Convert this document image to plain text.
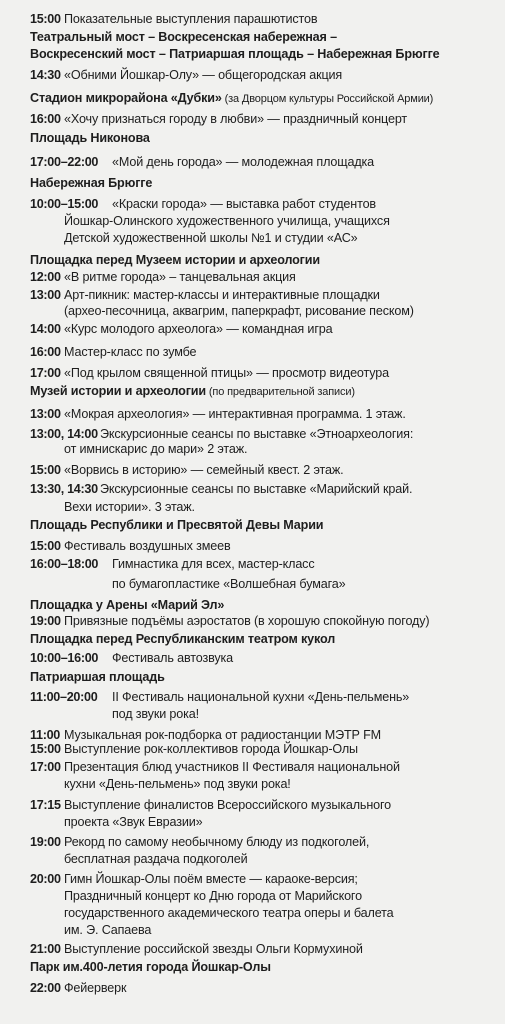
15:00 Показательные выступления парашютистов
Театральный мост – Воскресенская набережная –
Воскресенский мост – Патриаршая площадь – Набережная Брюгге
14:30 «Обними Йошкар-Олу» — общегородская акция
Стадион микрорайона «Дубки» (за Дворцом культуры Российской Армии)
16:00 «Хочу признаться городу в любви» — праздничный концерт
Площадь Никонова
17:00–22:00 «Мой день города» — молодежная площадка
Набережная Брюгге
10:00–15:00 «Краски города» — выставка работ студентов
Йошкар-Олинского художественного училища, учащихся
Детской художественной школы №1 и студии «АС»
Площадка перед Музеем истории и археологии
12:00 «В ритме города» – танцевальная акция
13:00 Арт-пикник: мастер-классы и интерактивные площадки
(архео-песочница, аквагрим, паперкрафт, рисование песком)
14:00 «Курс молодого археолога» — командная игра
16:00 Мастер-класс по зумбе
17:00 «Под крылом священной птицы» — просмотр видеотура
Музей истории и археологии (по предварительной записи)
13:00 «Мокрая археология» — интерактивная программа. 1 этаж.
13:00, 14:00 Экскурсионные сеансы по выставке «Этноархеология:
от имнискарис до мари» 2 этаж.
15:00 «Ворвись в историю» — семейный квест. 2 этаж.
13:30, 14:30 Экскурсионные сеансы по выставке «Марийский край.
Вехи истории». 3 этаж.
Площадь Республики и Пресвятой Девы Марии
15:00 Фестиваль воздушных змеев
16:00–18:00 Гимнастика для всех, мастер-класс
по бумагопластике «Волшебная бумага»
Площадка у Арены «Марий Эл»
19:00 Привязные подъёмы аэростатов (в хорошую спокойную погоду)
Площадка перед Республиканским театром кукол
10:00–16:00 Фестиваль автозвука
Патриаршая площадь
11:00–20:00 II Фестиваль национальной кухни «День-пельмень»
под звуки рока!
11:00 Музыкальная рок-подборка от радиостанции МЭТР FM
15:00 Выступление рок-коллективов города Йошкар-Олы
17:00 Презентация блюд участников II Фестиваля национальной
кухни «День-пельмень» под звуки рока!
17:15 Выступление финалистов Всероссийского музыкального
проекта «Звук Евразии»
19:00 Рекорд по самому необычному блюду из подкоголей,
бесплатная раздача подкоголей
20:00 Гимн Йошкар-Олы поём вместе — караоке-версия;
Праздничный концерт ко Дню города от Марийского
государственного академического театра оперы и балета
им. Э. Сапаева
21:00 Выступление российской звезды Ольги Кормухиной
Парк им.400-летия города Йошкар-Олы
22:00 Фейерверк
